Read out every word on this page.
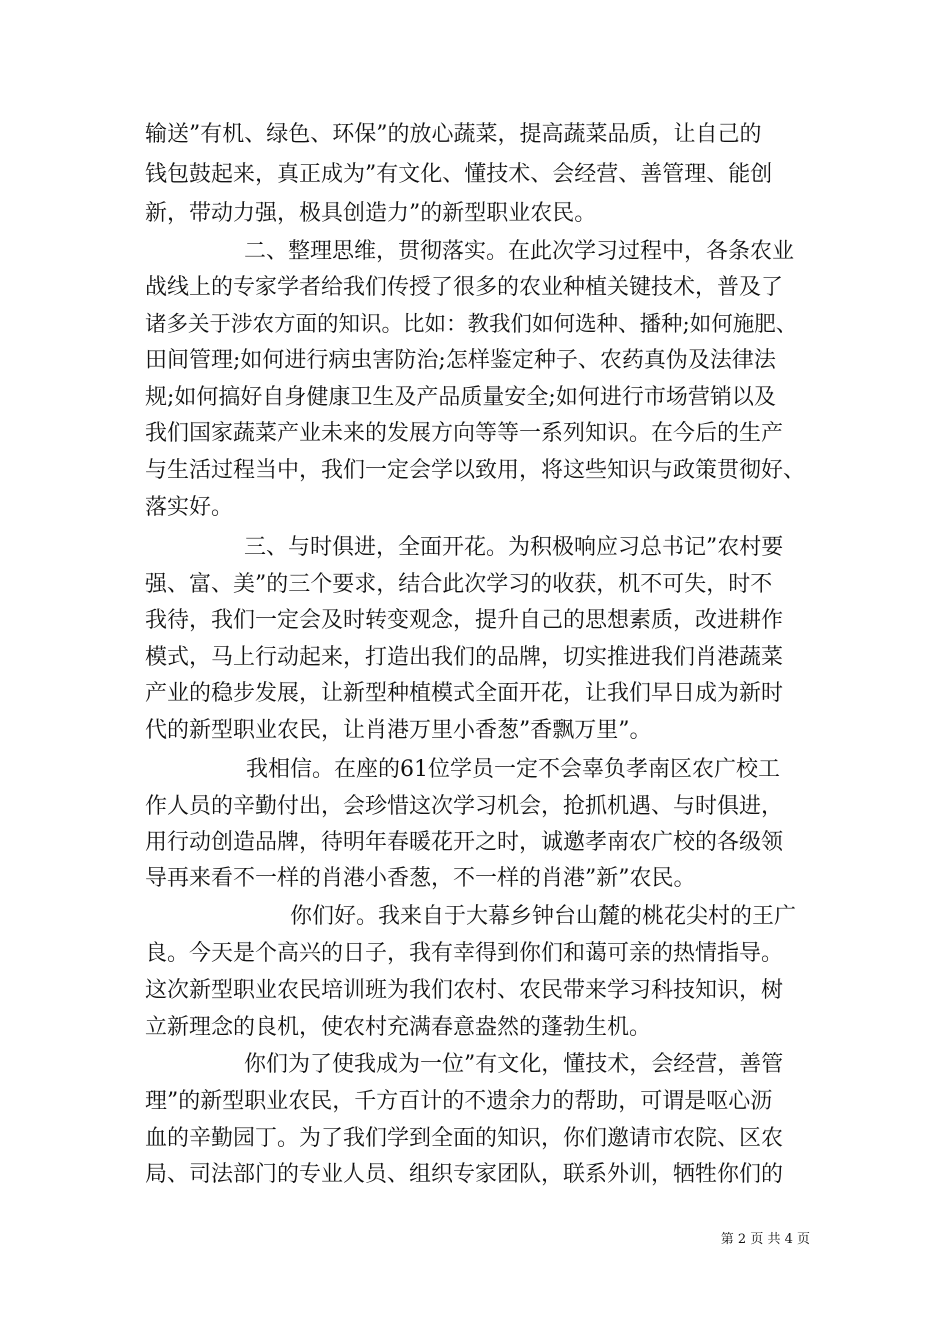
输送”有机、绿色、环保”的放心蔬菜，提高蔬菜品质，让自己的
钱包鼓起来，真正成为”有文化、懂技术、会经营、善管理、能创
新，带动力强，极具创造力”的新型职业农民。
二、整理思维，贯彻落实。在此次学习过程中，各条农业
战线上的专家学者给我们传授了很多的农业种植关键技术，普及了
诸多关于涉农方面的知识。比如：教我们如何选种、播种;如何施肥、
田间管理;如何进行病虫害防治;怎样鉴定种子、农药真伪及法律法
规;如何搞好自身健康卫生及产品质量安全;如何进行市场营销以及
我们国家蔬菜产业未来的发展方向等等一系列知识。在今后的生产
与生活过程当中，我们一定会学以致用，将这些知识与政策贯彻好、
落实好。
三、与时俱进，全面开花。为积极响应习总书记”农村要
强、富、美”的三个要求，结合此次学习的收获，机不可失，时不
我待，我们一定会及时转变观念，提升自己的思想素质，改进耕作
模式，马上行动起来，打造出我们的品牌，切实推进我们肖港蔬菜
产业的稳步发展，让新型种植模式全面开花，让我们早日成为新时
代的新型职业农民，让肖港万里小香葱”香飘万里”。
我相信。在座的61位学员一定不会辜负孝南区农广校工
作人员的辛勤付出，会珍惜这次学习机会，抢抓机遇、与时俱进，
用行动创造品牌，待明年春暖花开之时，诚邀孝南农广校的各级领
导再来看不一样的肖港小香葱，不一样的肖港”新”农民。
你们好。我来自于大幕乡钟台山麓的桃花尖村的王广
良。今天是个高兴的日子，我有幸得到你们和蔼可亲的热情指导。
这次新型职业农民培训班为我们农村、农民带来学习科技知识，树
立新理念的良机，使农村充满春意盎然的蓬勃生机。
你们为了使我成为一位”有文化，懂技术，会经营，善管
理”的新型职业农民，千方百计的不遗余力的帮助，可谓是呕心沥
血的辛勤园丁。为了我们学到全面的知识，你们邀请市农院、区农
局、司法部门的专业人员、组织专家团队，联系外训，牺牲你们的
第 2 页 共 4 页
